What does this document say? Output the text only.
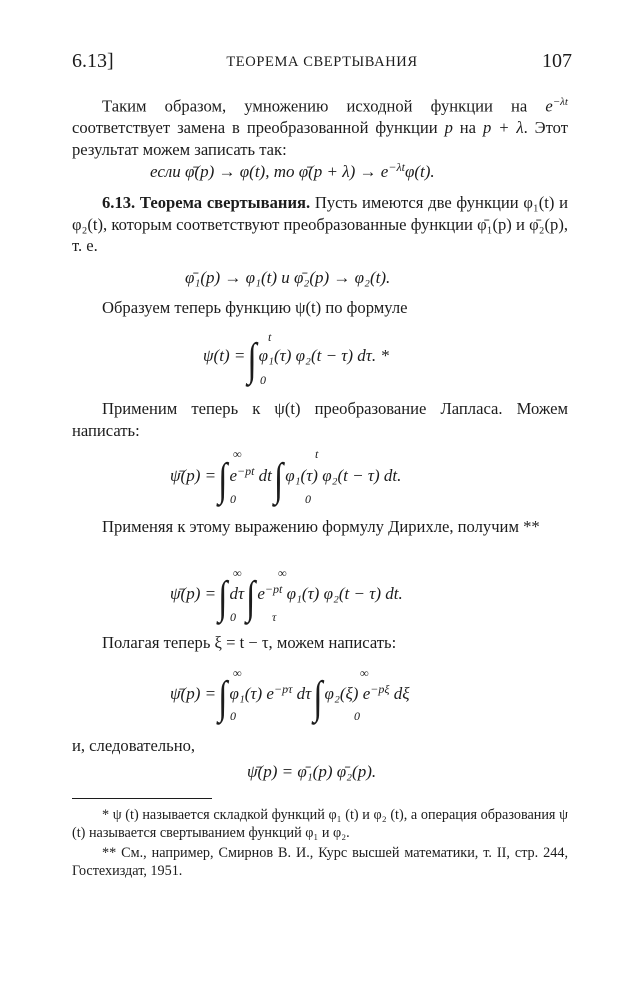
6.13]	ТЕОРЕМА СВЕРТЫВАНИЯ	107
Таким образом, умножению исходной функции на $e^{-\lambda t}$ соответствует замена в преобразованной функции p на p + λ. Этот результат можем записать так:
если φ̄(p) → φ(t), то φ̄(p + $\lambda) \to e^{-\lambda t}\varphi(t)$.
6.13. Теорема свертывания. Пусть имеются две функции φ₁(t) и φ₂(t), которым соответствуют преобразованные функции φ̄₁(p) и φ̄₂(p), т. е.
φ̄₁(p) → φ₁(t) и φ̄₂(p) → φ₂(t).
Образуем теперь функцию ψ(t) по формуле
ψ(t) =∫ φ₁(τ) φ₂(t − τ) dτ. *
t
0
Применим теперь к ψ(t) преобразование Лапласа. Можем написать:
ψ̄(p) =∫ $e^{-pt}$ dt∫ φ₁(τ) φ₂(t − τ) dt.
∞
0
t
0
Применяя к этому выражению формулу Дирихле, получим **
ψ̄(p) =∫ dτ∫ $e^{-pt}$ φ₁(τ) φ₂(t − τ) dt.
∞
0
∞
τ
Полагая теперь ξ = t − τ, можем написать:
ψ̄(p) =∫ φ₁(τ) $e^{-p\tau}$ dτ∫ φ₂(ξ) $e^{-p\xi}$ dξ
∞
0
∞
0
и, следовательно,
ψ̄(p) = φ̄₁(p) φ̄₂(p).
* ψ (t) называется складкой функций φ₁ (t) и φ₂ (t), а операция образования ψ (t) называется свертыванием функций φ₁ и φ₂.
** См., например, Смирнов В. И., Курс высшей математики, т. II, стр. 244, Гостехиздат, 1951.
